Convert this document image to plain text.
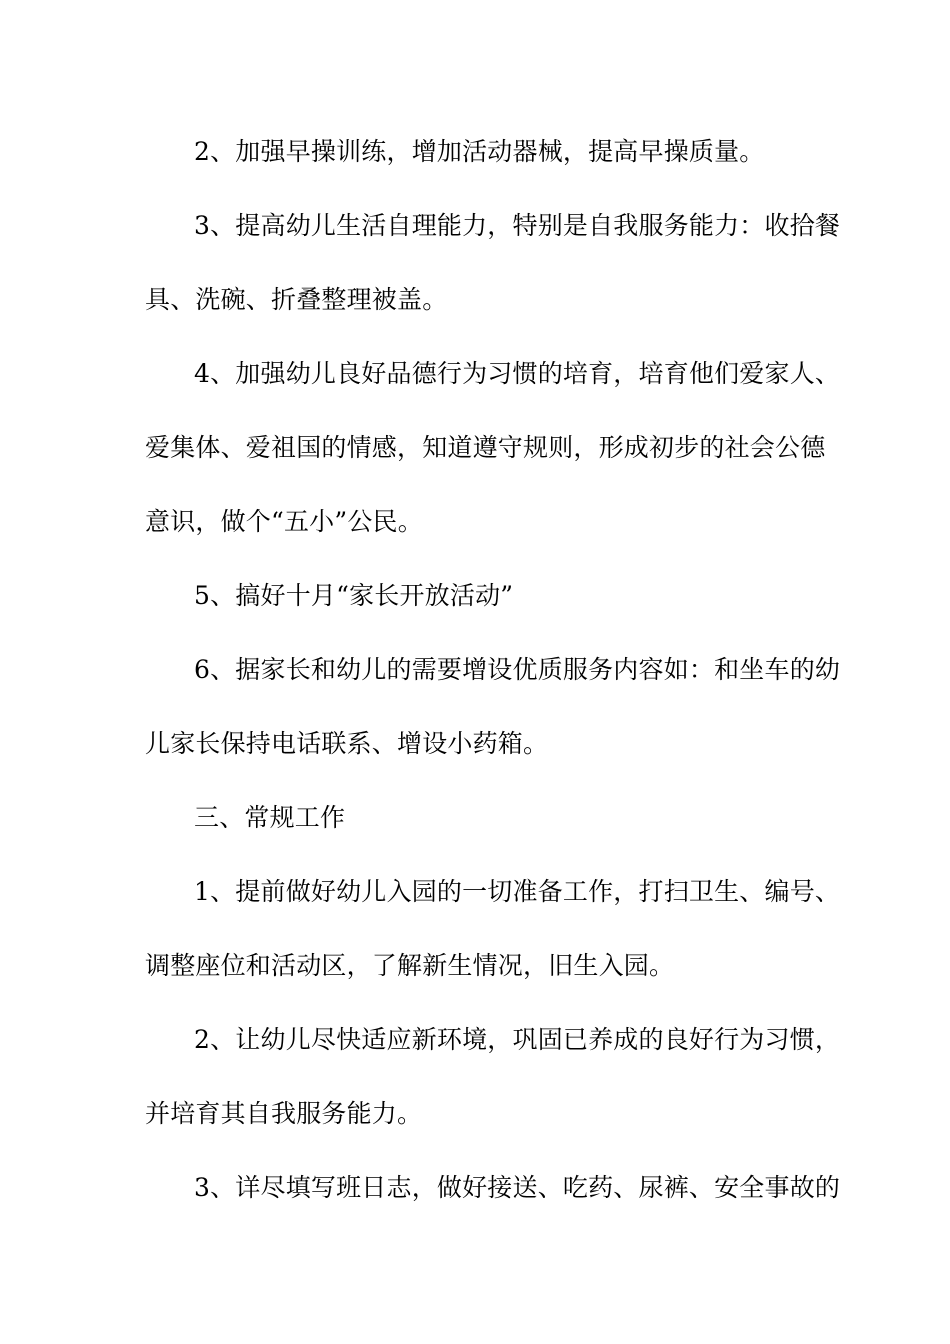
2、加强早操训练，增加活动器械，提高早操质量。
3、提高幼儿生活自理能力，特别是自我服务能力：收拾餐
具、洗碗、折叠整理被盖。
4、加强幼儿良好品德行为习惯的培育，培育他们爱家人、
爱集体、爱祖国的情感，知道遵守规则，形成初步的社会公德
意识，做个“五小”公民。
5、搞好十月“家长开放活动”
6、据家长和幼儿的需要增设优质服务内容如：和坐车的幼
儿家长保持电话联系、增设小药箱。
三、常规工作
1、提前做好幼儿入园的一切准备工作，打扫卫生、编号、
调整座位和活动区，了解新生情况，旧生入园。
2、让幼儿尽快适应新环境，巩固已养成的良好行为习惯，
并培育其自我服务能力。
3、详尽填写班日志，做好接送、吃药、尿裤、安全事故的
